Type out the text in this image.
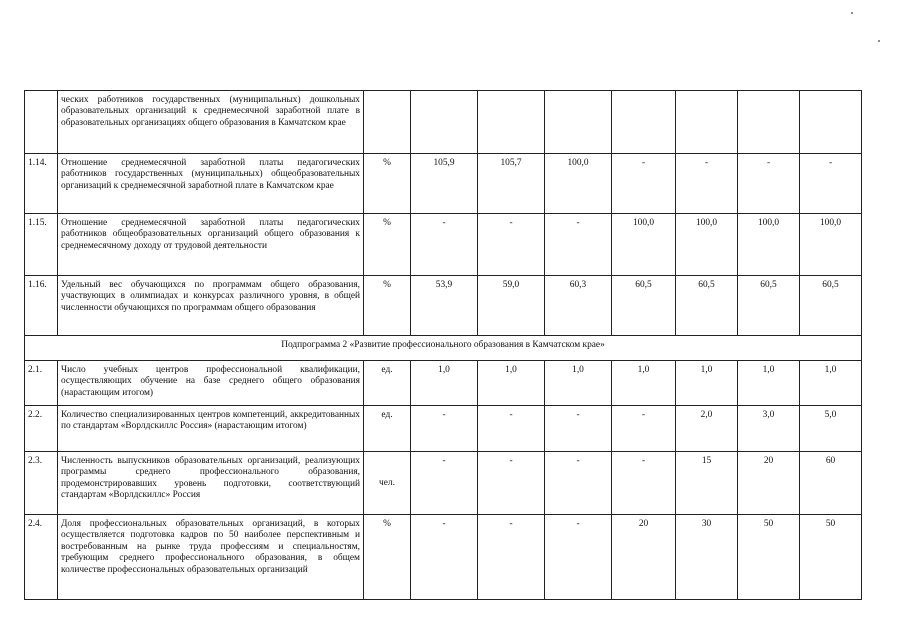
	ческих работников государственных (муниципальных) дошкольных образовательных организаций к среднемесячной заработной плате в образовательных организациях общего образования в Камчатском крае								
1.14.	Отношение среднемесячной заработной платы педагогических работников государственных (муниципальных) общеобразовательных организаций к среднемесячной заработной плате в Камчатском крае	%	105,9	105,7	100,0	-	-	-	-
1.15.	Отношение среднемесячной заработной платы педагогических работников общеобразовательных организаций общего образования к среднемесячному доходу от трудовой деятельности	%	-	-	-	100,0	100,0	100,0	100,0
1.16.	Удельный вес обучающихся по программам общего образования, участвующих в олимпиадах и конкурсах различного уровня, в общей численности обучающихся по программам общего образования	%	53,9	59,0	60,3	60,5	60,5	60,5	60,5
Подпрограмма 2 «Развитие профессионального образования в Камчатском крае»									
2.1.	Число учебных центров профессиональной квалификации, осуществляющих обучение на базе среднего общего образования (нарастающим итогом)	ед.	1,0	1,0	1,0	1,0	1,0	1,0	1,0
2.2.	Количество специализированных центров компетенций, аккредитованных по стандартам «Ворлдскиллс Россия» (нарастающим итогом)	ед.	-	-	-	-	2,0	3,0	5,0
2.3.	Численность выпускников образовательных организаций, реализующих программы среднего профессионального образования, продемонстрировавших уровень подготовки, соответствующий стандартам «Ворлдскиллс» Россия	чел.	-	-	-	-	15	20	60
2.4.	Доля профессиональных образовательных организаций, в которых осуществляется подготовка кадров по 50 наиболее перспективным и востребованным на рынке труда профессиям и специальностям, требующим среднего профессионального образования, в общем количестве профессиональных образовательных организаций	%	-	-	-	20	30	50	50
